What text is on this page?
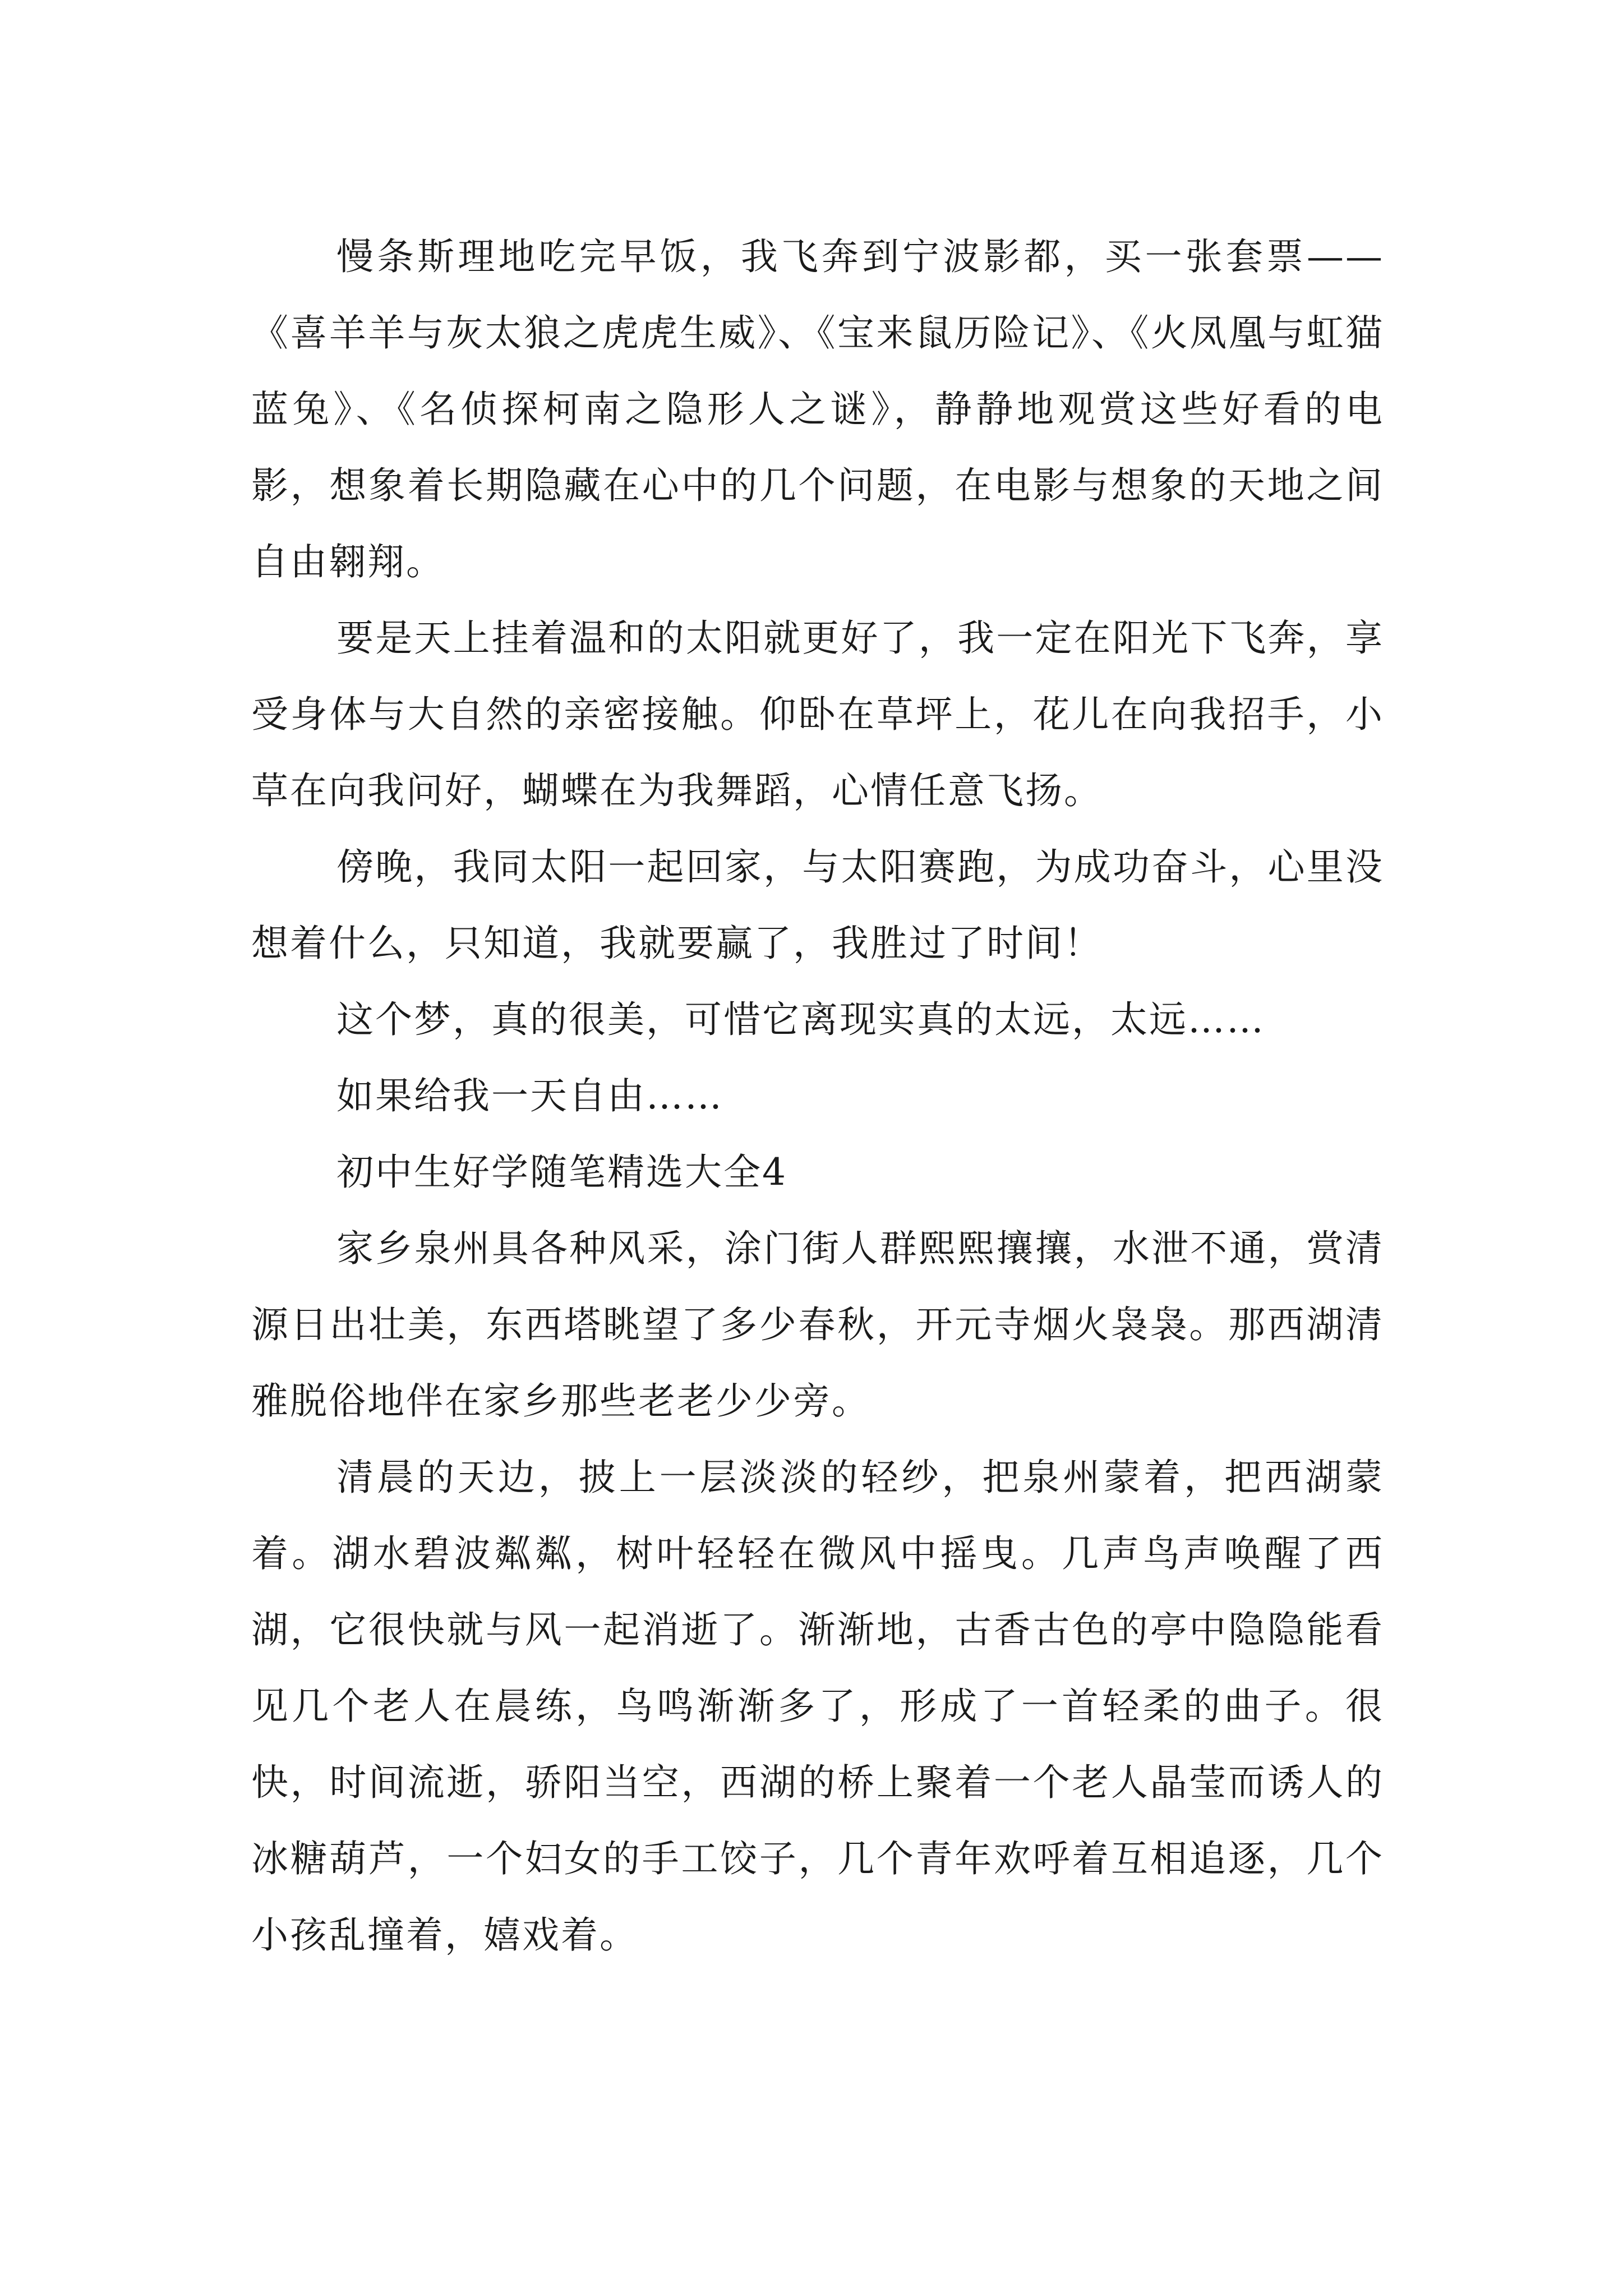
慢条斯理地吃完早饭，我飞奔到宁波影都，买一张套票——《喜羊羊与灰太狼之虎虎生威》、《宝来鼠历险记》、《火凤凰与虹猫蓝兔》、《名侦探柯南之隐形人之谜》，静静地观赏这些好看的电影，想象着长期隐藏在心中的几个问题，在电影与想象的天地之间自由翱翔。

要是天上挂着温和的太阳就更好了，我一定在阳光下飞奔，享受身体与大自然的亲密接触。仰卧在草坪上，花儿在向我招手，小草在向我问好，蝴蝶在为我舞蹈，心情任意飞扬。

傍晚，我同太阳一起回家，与太阳赛跑，为成功奋斗，心里没想着什么，只知道，我就要赢了，我胜过了时间！

这个梦，真的很美，可惜它离现实真的太远，太远……

如果给我一天自由……

初中生好学随笔精选大全4

家乡泉州具各种风采，涂门街人群熙熙攘攘，水泄不通，赏清源日出壮美，东西塔眺望了多少春秋，开元寺烟火袅袅。那西湖清雅脱俗地伴在家乡那些老老少少旁。

清晨的天边，披上一层淡淡的轻纱，把泉州蒙着，把西湖蒙着。湖水碧波粼粼，树叶轻轻在微风中摇曳。几声鸟声唤醒了西湖，它很快就与风一起消逝了。渐渐地，古香古色的亭中隐隐能看见几个老人在晨练，鸟鸣渐渐多了，形成了一首轻柔的曲子。很快，时间流逝，骄阳当空，西湖的桥上聚着一个老人晶莹而诱人的冰糖葫芦，一个妇女的手工饺子，几个青年欢呼着互相追逐，几个小孩乱撞着，嬉戏着。
